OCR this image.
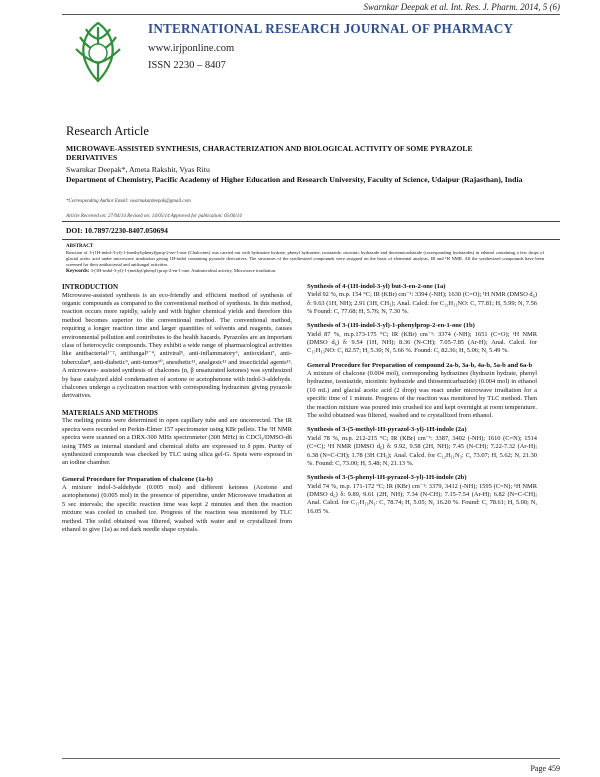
Swarnkar Deepak et al. Int. Res. J. Pharm. 2014, 5 (6)
INTERNATIONAL RESEARCH JOURNAL OF PHARMACY
www.irjponline.com
ISSN 2230 – 8407
Research Article
MICROWAVE-ASSISTED SYNTHESIS, CHARACTERIZATION AND BIOLOGICAL ACTIVITY OF SOME PYRAZOLE DERIVATIVES
Swarnkar Deepak*, Ameta Rakshit, Vyas Ritu
Department of Chemistry, Pacific Academy of Higher Education and Research University, Faculty of Science, Udaipur (Rajasthan), India
*Corresponding Author Email: swarnakardeepak@gmail.com
Article Received on: 27/04/14 Revised on: 14/05/14 Approved for publication: 05/06/14
DOI: 10.7897/2230-8407.050694
ABSTRACT
Reaction of 3-(1H-indol-3-yl)-1-(methyl/phenyl)prop-2-en-1-one (Chalcones) was carried out with hydrazine hydrate, phenyl hydrazine, isoniazide, nicotinic hydrazide and thiosemicarbazide (corresponding hydrazides) in ethanol containing a few drops of glacial acetic acid under microwave irradiation giving 1H-indol containing pyrazole derivatives. The structures of the synthesized compounds were assigned on the basis of elemental analysis, IR and ¹H NMR. All the synthesized compounds have been screened for their antibacterial and antifungal activities.
Keywords: 3-(1H-indol-3-yl)-1-(methyl/phenyl) prop-2-en-1-one, Antimicrobial activity, Microwave irradiation.
INTRODUCTION

Microwave-assisted synthesis is an eco-friendly and efficient method of synthesis of organic compounds as compared to the conventional method of synthesis. In this method, reaction occurs more rapidly, safely and with higher chemical yields and therefore this method becomes superior to the conventional method. The conventional method, requiring a longer reaction time and larger quantities of solvents and reagents, causes environmental pollution and contributes to the health hazards. Pyrazoles are an important class of heterocyclic compounds. They exhibit a wide range of pharmacological activities like antibacterial¹⁻², antifungal³⁻⁴, antiviral⁵, anti-inflammatory⁶, antioxidant⁷, anti-tubercular⁸, anti-diabetic⁹, anti-tumor¹⁰, anesthetic¹¹, analgesic¹² and insecticidal agents¹³. A microwave- assisted synthesis of chalcones (α, β unsaturated ketones) was synthesized by base catalyzed aldol condensation of acetone or acetophenone with indol-3-aldehyde. chalcones undergo a cyclization reaction with corresponding hydrazines giving pyrazole derivatives.

MATERIALS AND METHODS

The melting points were determined in open capillary tube and are uncorrected. The IR spectra were recorded on Perkin-Elmer 157 spectrometer using KBr pellets. The ¹H NMR spectra were scanned on a DRX-300 MHz spectrometer (300 MHz) in CDCl₃/DMSO-d6 using TMS as internal standard and chemical shifts are expressed in δ ppm. Purity of synthesized compounds was checked by TLC using silica gel-G. Spots were exposed in an iodine chamber.

General Procedure for Preparation of chalcone (1a-b)

A mixture indol-3-aldehyde (0.005 mol) and different ketones (Acetone and acetophenone) (0.005 mol) in the presence of piperidine, under Microwave irradiation at 5 sec intervals; the specific reaction time was kept 2 minutes and then the reaction mixture was cooled in crushed ice. Progress of the reaction was monitored by TLC method. The solid obtained was filtered, washed with water and re crystallized from ethanol to give (1a) as red dark needle shape crystals.

Synthesis of 4-(1H-indol-3-yl) but-3-en-2-one (1a)

Yield 92 %, m.p. 154 °C; IR (KBr) cm⁻¹: 3394 (-NH); 1630 (C=O); ¹H NMR (DMSO d₆) δ: 9.63 (1H, NH); 2.91 (3H, CH₃); Anal. Calcd. for C₁₂H₁₁NO: C, 77.81; H, 5.99; N, 7.56 % Found: C, 77.68; H, 5.76; N, 7.30 %.

Synthesis of 3-(1H-indol-3-yl)-1-phenylprop-2-en-1-one (1b)

Yield 87 %, m.p.173-175 °C; IR (KBr) cm⁻¹: 3374 (-NH); 1651 (C=O); ¹H NMR (DMSO d₆) δ: 9.54 (1H, NH); 8.36 (N-CH); 7.05-7.85 (Ar-H); Anal. Calcd. for C₁₇H₁₃NO: C, 82.57; H, 5.30; N, 5.66 %. Found: C, 82.36; H, 5.06; N, 5.49 %.

General Procedure for Preparation of compound 2a-b, 3a-b, 4a-b, 5a-b and 6a-b

A mixture of chalcone (0.004 mol), corresponding hydrazines (hydrazin hydrate, phenyl hydrazine, isoniazide, nicotinic hydrazide and thiosemicarbazide) (0.004 mol) in ethanol (10 mL) and glacial acetic acid (2 drop) was react under microwave irradiation for a specific time of 1 minute. Progress of the reaction was monitored by TLC method. Then the reaction mixture was poured into crushed ice and kept overnight at room temperature. The solid obtained was filtered, washed and re crystallized from ethanol.

Synthesis of 3-(5-methyl-1H-pyrazol-3-yl)-1H-indole (2a)

Yield 78 %, m.p. 212-215 °C; IR (KBr) cm⁻¹: 3387, 3402 (-NH); 1610 (C=N); 1514 (C=C); ¹H NMR (DMSO d₆) δ: 9.92, 9.58 (2H, NH); 7.45 (N-CH); 7.22-7.32 (Ar-H); 6.38 (N=C-CH); 1.78 (3H CH₃); Anal. Calcd. for C₁₂H₁₁N₃: C, 73.07; H, 5.62; N, 21.30 %. Found: C, 73.00; H, 5.48; N, 21.13 %.

Synthesis of 3-(5-phenyl-1H-pyrazol-3-yl)-1H-indole (2b)

Yield 74 %, m.p. 171-172 °C; IR (KBr) cm⁻¹: 3379, 3412 (-NH); 1595 (C=N); ¹H NMR (DMSO d₆) δ: 9.89, 9.61 (2H, NH); 7.34 (N-CH); 7.15-7.54 (Ar-H); 6.82 (N=C-CH); Anal. Calcd. for C₁₇H₁₃N₃: C, 78.74; H, 5.05; N, 16.20 %. Found: C, 78.61; H, 5.00; N, 16.05 %.

Page 459
